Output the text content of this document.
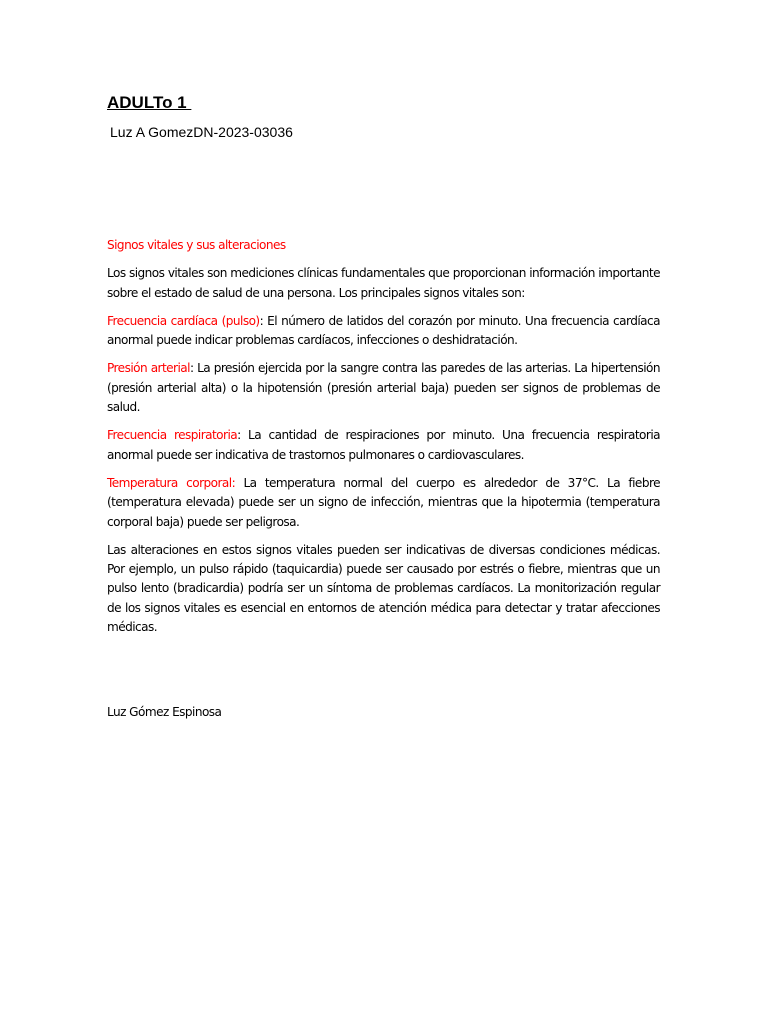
ADULTo 1

Luz A GomezDN-2023-03036

Signos vitales y sus alteraciones

Los signos vitales son mediciones clínicas fundamentales que proporcionan información importante sobre el estado de salud de una persona. Los principales signos vitales son:

Frecuencia cardíaca (pulso): El número de latidos del corazón por minuto. Una frecuencia cardíaca anormal puede indicar problemas cardíacos, infecciones o deshidratación.

Presión arterial: La presión ejercida por la sangre contra las paredes de las arterias. La hipertensión (presión arterial alta) o la hipotensión (presión arterial baja) pueden ser signos de problemas de salud.

Frecuencia respiratoria: La cantidad de respiraciones por minuto. Una frecuencia respiratoria anormal puede ser indicativa de trastornos pulmonares o cardiovasculares.

Temperatura corporal: La temperatura normal del cuerpo es alrededor de 37°C. La fiebre (temperatura elevada) puede ser un signo de infección, mientras que la hipotermia (temperatura corporal baja) puede ser peligrosa.

Las alteraciones en estos signos vitales pueden ser indicativas de diversas condiciones médicas. Por ejemplo, un pulso rápido (taquicardia) puede ser causado por estrés o fiebre, mientras que un pulso lento (bradicardia) podría ser un síntoma de problemas cardíacos. La monitorización regular de los signos vitales es esencial en entornos de atención médica para detectar y tratar afecciones médicas.

Luz Gómez Espinosa
